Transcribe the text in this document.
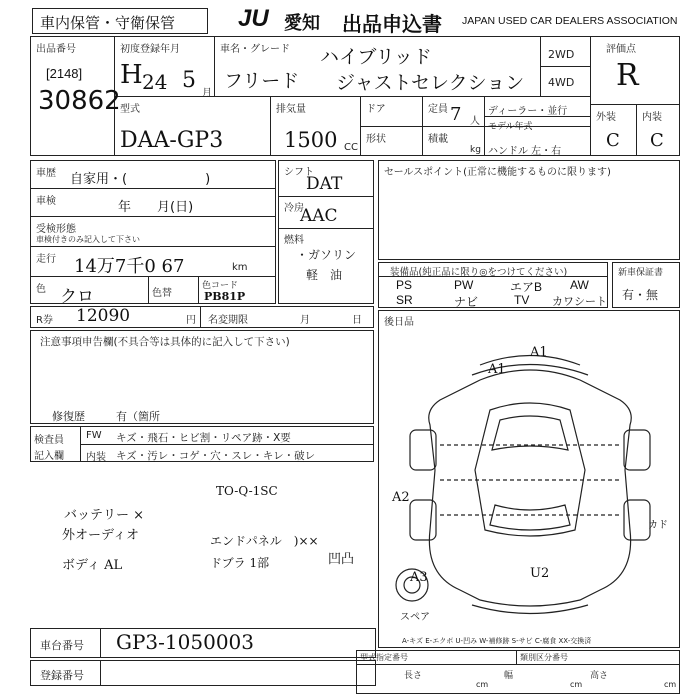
車内保管・守衛保管	JU 愛知 出品申込書 JAPAN USED CAR DEALERS ASSOCIATION
出品番号
[2148]
30862
初度登録年月
H 24 5
月
車名・グレード ハイブリッド
フリード ジャストセレクション
2WD
4WD
評価点
R
型式
DAA-GP3
排気量
1500 CC
ドア
形状
定員 7 人
積載
kg
ディーラー・並行
モデル年式
ハンドル 左・右
外装	内装
C C
車歴 自家用・(　　　　　　)
車検	年　　月(日)
受検形態
車検付きのみ記入して下さい
走行 14万7千0 67	km
色 クロ	色替
色コード
PB81P
シフト
DAT
冷房
AAC
燃料
・ガソリン
軽　油
セールスポイント(正常に機能するものに限ります)
装備品(純正品に限り◎をつけてください)
PS	PW	エアB AW
SR	ナビ	TV カワシート
新車保証書
有・無
後日品
R券 12090	円 名変期限	月	日
注意事項申告欄(不具合等は具体的に記入して下さい)
修復歴	有（箇所
検査員
記入欄
FW キズ・飛石・ヒビ割・リペア跡・X要
内装 キズ・汚レ・コゲ・穴・スレ・キレ・破レ
TO-Q-1SC
バッテリー ×
外オーディオ	エンドパネル　)××
ボディ AL	ドブラ 1部	凹凸
A1
A1
A2
A3	U2
スペア
カド
A-キズ E-エクボ U-凹み W-補修跡 S-サビ C-腐食 XX-交換済
車台番号 GP3-1050003
登録番号
型式指定番号	類別区分番号
長さ	幅	高さ
cm	cm	cm
